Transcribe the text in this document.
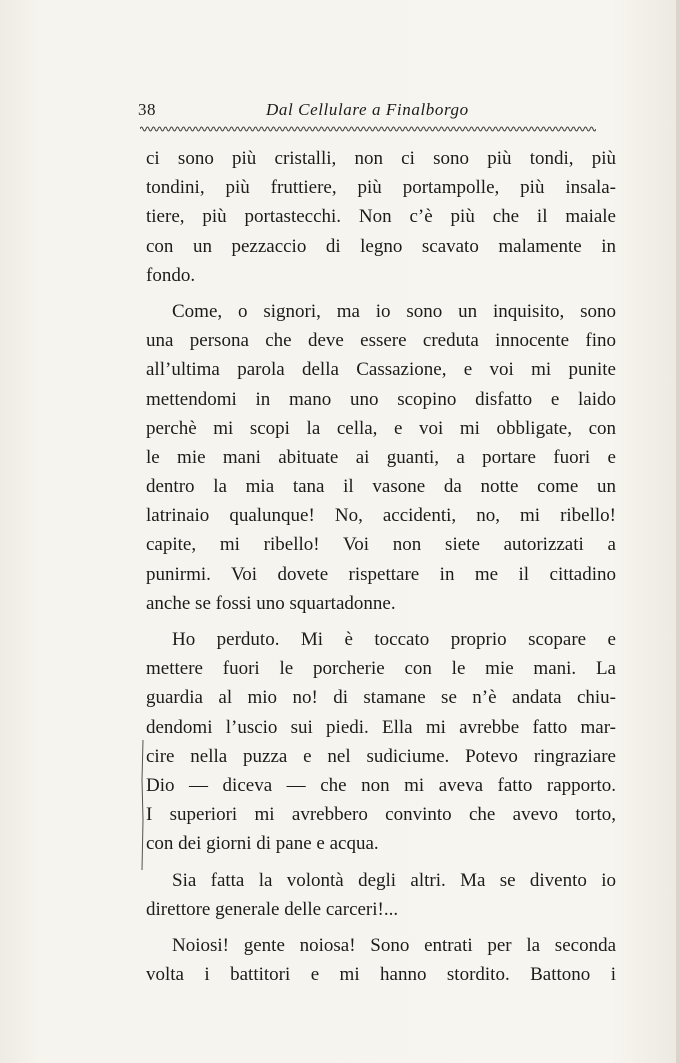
38	Dal Cellulare a Finalborgo
ci sono più cristalli, non ci sono più tondi, più
tondini, più fruttiere, più portampolle, più insala-
tiere, più portastecchi. Non c’è più che il maiale
con un pezzaccio di legno scavato malamente in
fondo.
Come, o signori, ma io sono un inquisito, sono
una persona che deve essere creduta innocente fino
all’ultima parola della Cassazione, e voi mi punite
mettendomi in mano uno scopino disfatto e laido
perchè mi scopi la cella, e voi mi obbligate, con
le mie mani abituate ai guanti, a portare fuori e
dentro la mia tana il vasone da notte come un
latrinaio qualunque! No, accidenti, no, mi ribello!
capite, mi ribello! Voi non siete autorizzati a
punirmi. Voi dovete rispettare in me il cittadino
anche se fossi uno squartadonne.
Ho perduto. Mi è toccato proprio scopare e
mettere fuori le porcherie con le mie mani. La
guardia al mio no! di stamane se n’è andata chiu-
dendomi l’uscio sui piedi. Ella mi avrebbe fatto mar-
cire nella puzza e nel sudiciume. Potevo ringraziare
Dio — diceva — che non mi aveva fatto rapporto.
I superiori mi avrebbero convinto che avevo torto,
con dei giorni di pane e acqua.
Sia fatta la volontà degli altri. Ma se divento io
direttore generale delle carceri!...
Noiosi! gente noiosa! Sono entrati per la seconda
volta i battitori e mi hanno stordito. Battono i
